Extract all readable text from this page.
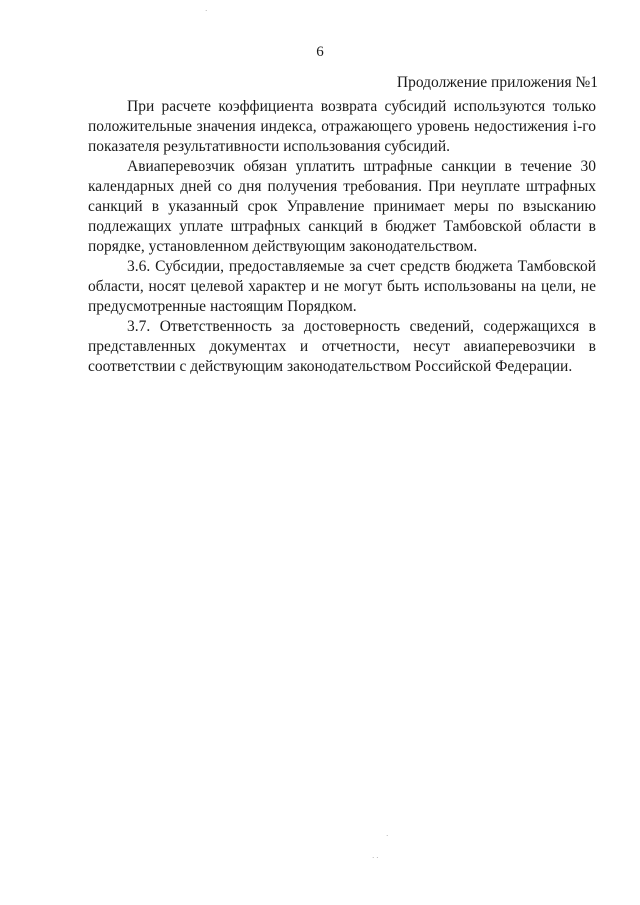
6
Продолжение приложения №1

При расчете коэффициента возврата субсидий используются только положительные значения индекса, отражающего уровень недостижения i-го показателя результативности использования субсидий.

Авиаперевозчик обязан уплатить штрафные санкции в течение 30 календарных дней со дня получения требования. При неуплате штрафных санкций в указанный срок Управление принимает меры по взысканию подлежащих уплате штрафных санкций в бюджет Тамбовской области в порядке, установленном действующим законодательством.

3.6. Субсидии, предоставляемые за счет средств бюджета Тамбовской области, носят целевой характер и не могут быть использованы на цели, не предусмотренные настоящим Порядком.

3.7. Ответственность за достоверность сведений, содержащихся в представленных документах и отчетности, несут авиаперевозчики в соответствии с действующим законодательством Российской Федерации.

·
·
· ·
